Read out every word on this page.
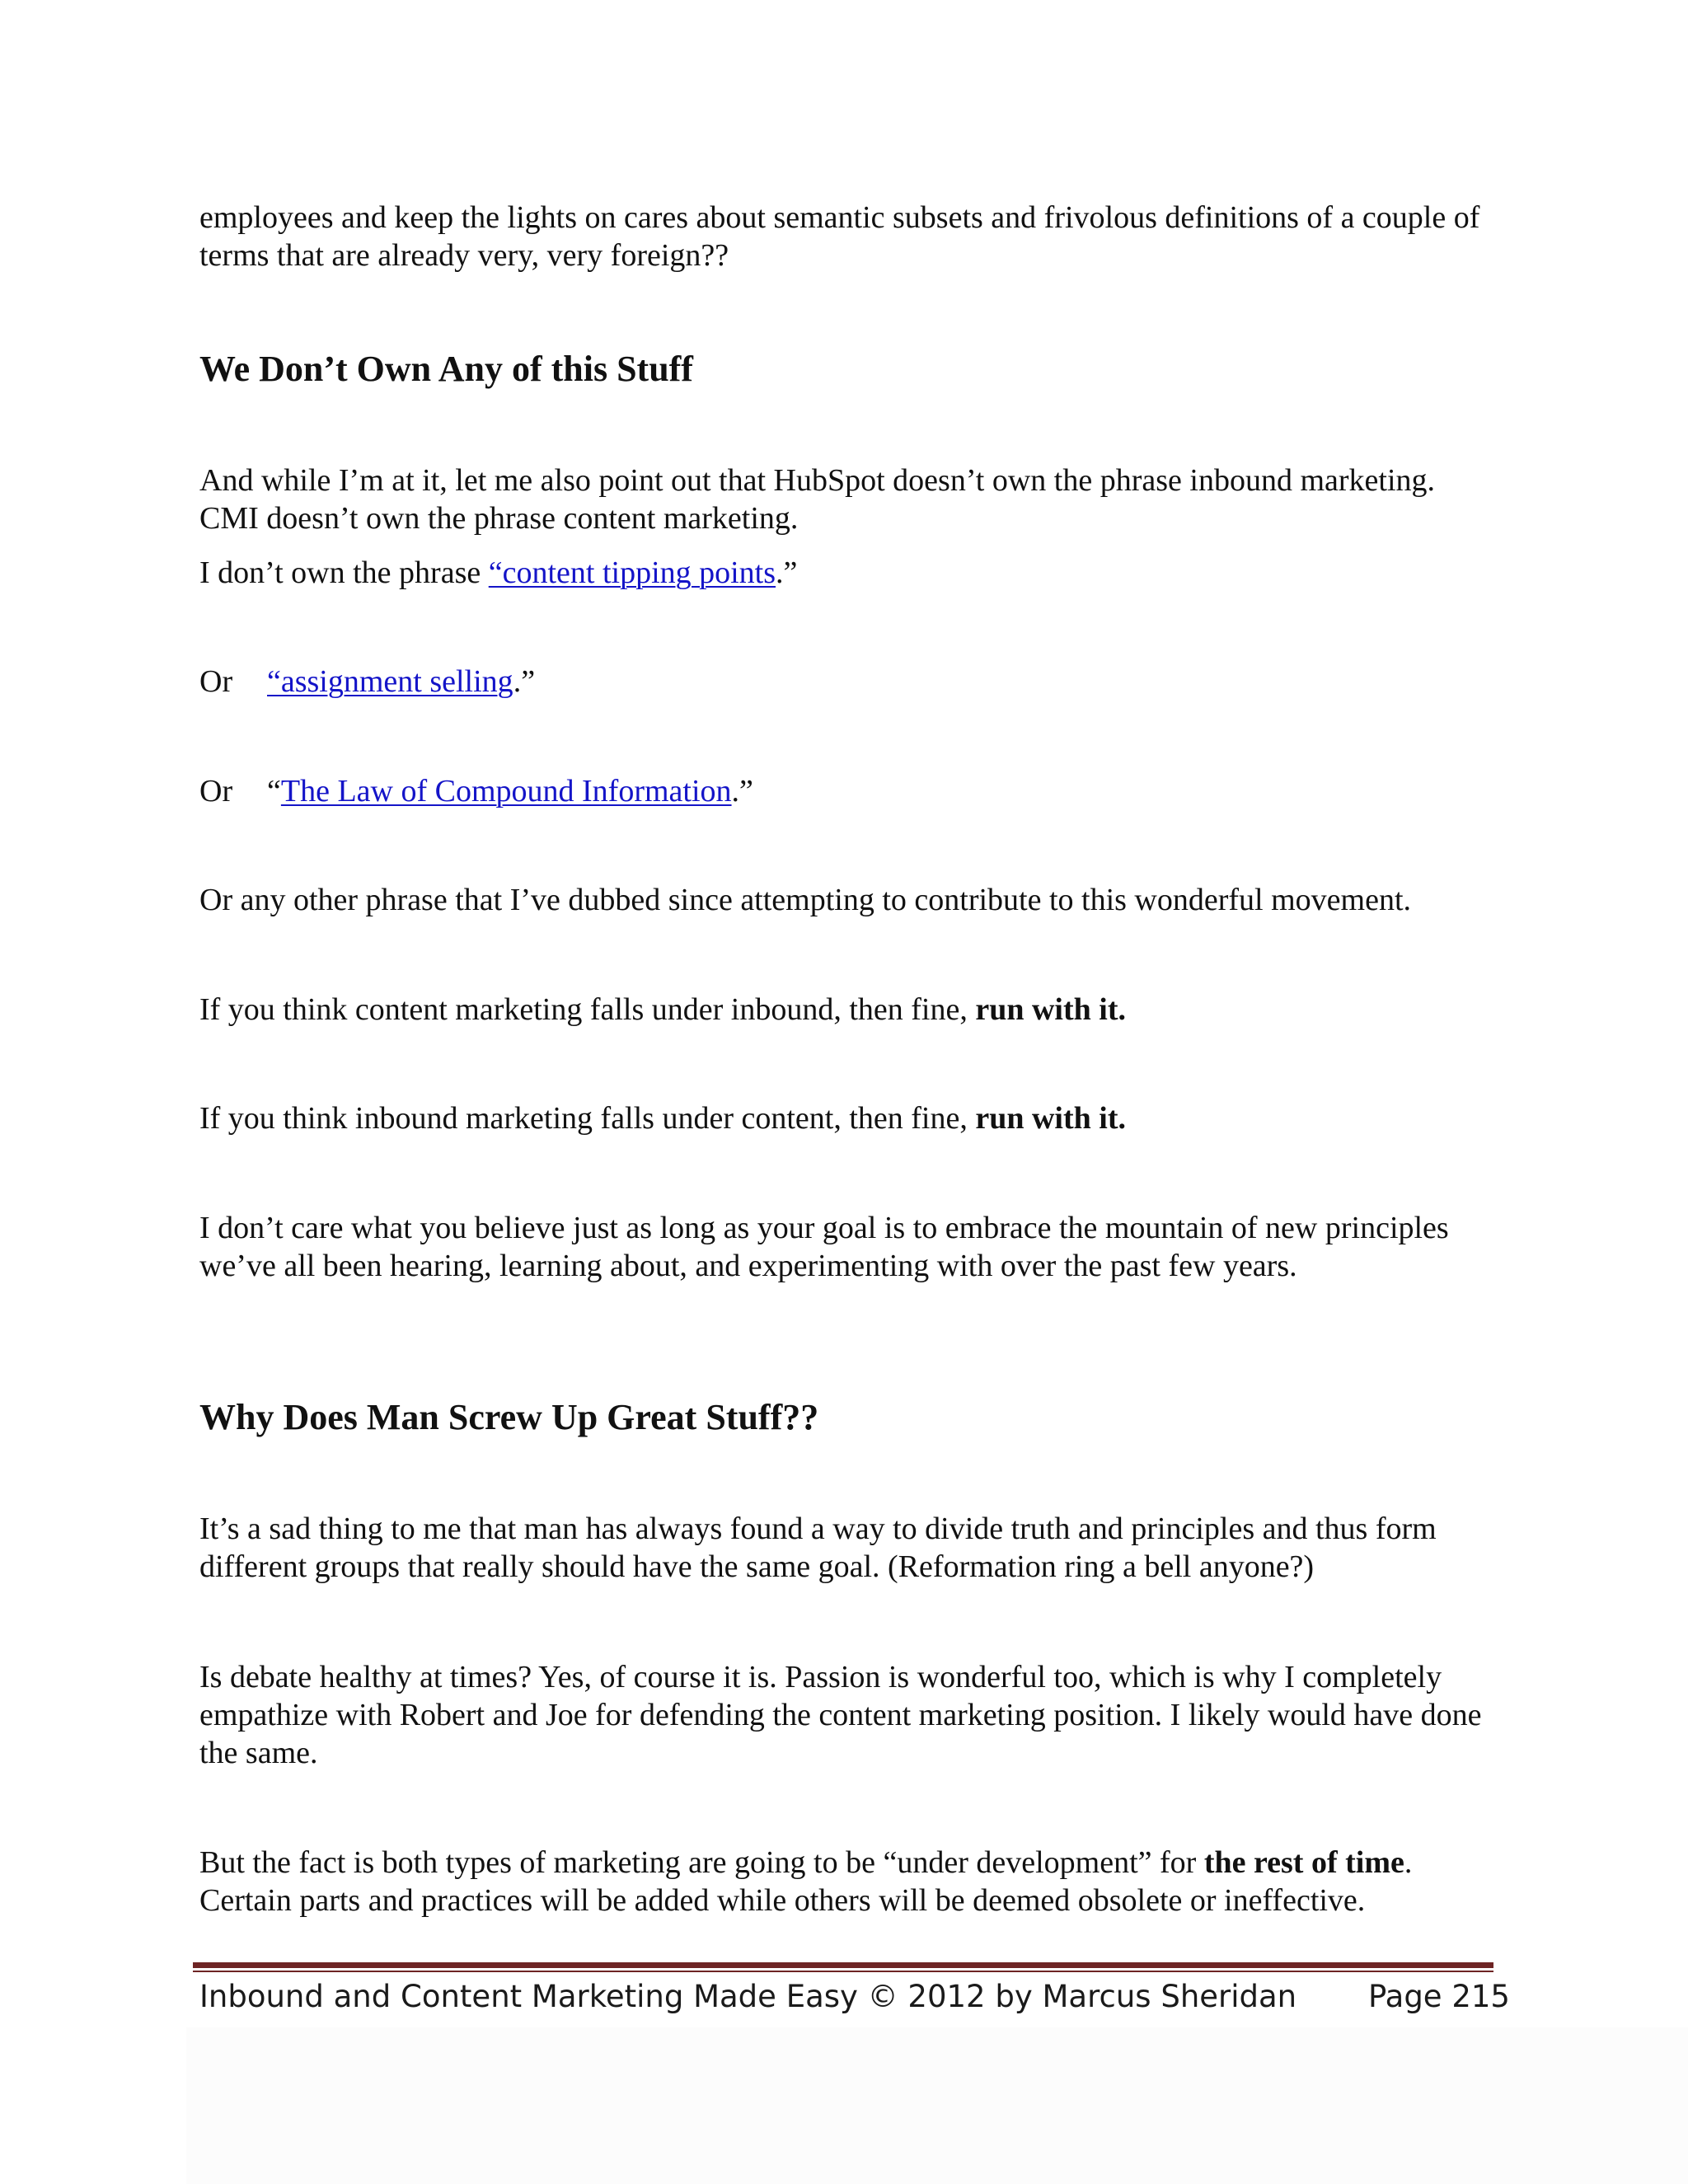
employees and keep the lights on cares about semantic subsets and frivolous definitions of a couple of terms that are already very, very foreign??

We Don’t Own Any of this Stuff

And while I’m at it, let me also point out that HubSpot doesn’t own the phrase inbound marketing. CMI doesn’t own the phrase content marketing.

I don’t own the phrase “content tipping points.”

Or “assignment selling.”

Or “The Law of Compound Information.”

Or any other phrase that I’ve dubbed since attempting to contribute to this wonderful movement.

If you think content marketing falls under inbound, then fine, run with it.

If you think inbound marketing falls under content, then fine, run with it.

I don’t care what you believe just as long as your goal is to embrace the mountain of new principles we’ve all been hearing, learning about, and experimenting with over the past few years.

Why Does Man Screw Up Great Stuff??

It’s a sad thing to me that man has always found a way to divide truth and principles and thus form different groups that really should have the same goal. (Reformation ring a bell anyone?)

Is debate healthy at times? Yes, of course it is. Passion is wonderful too, which is why I completely empathize with Robert and Joe for defending the content marketing position. I likely would have done the same.

But the fact is both types of marketing are going to be “under development” for the rest of time. Certain parts and practices will be added while others will be deemed obsolete or ineffective.

Inbound and Content Marketing Made Easy © 2012 by Marcus Sheridan Page 215
